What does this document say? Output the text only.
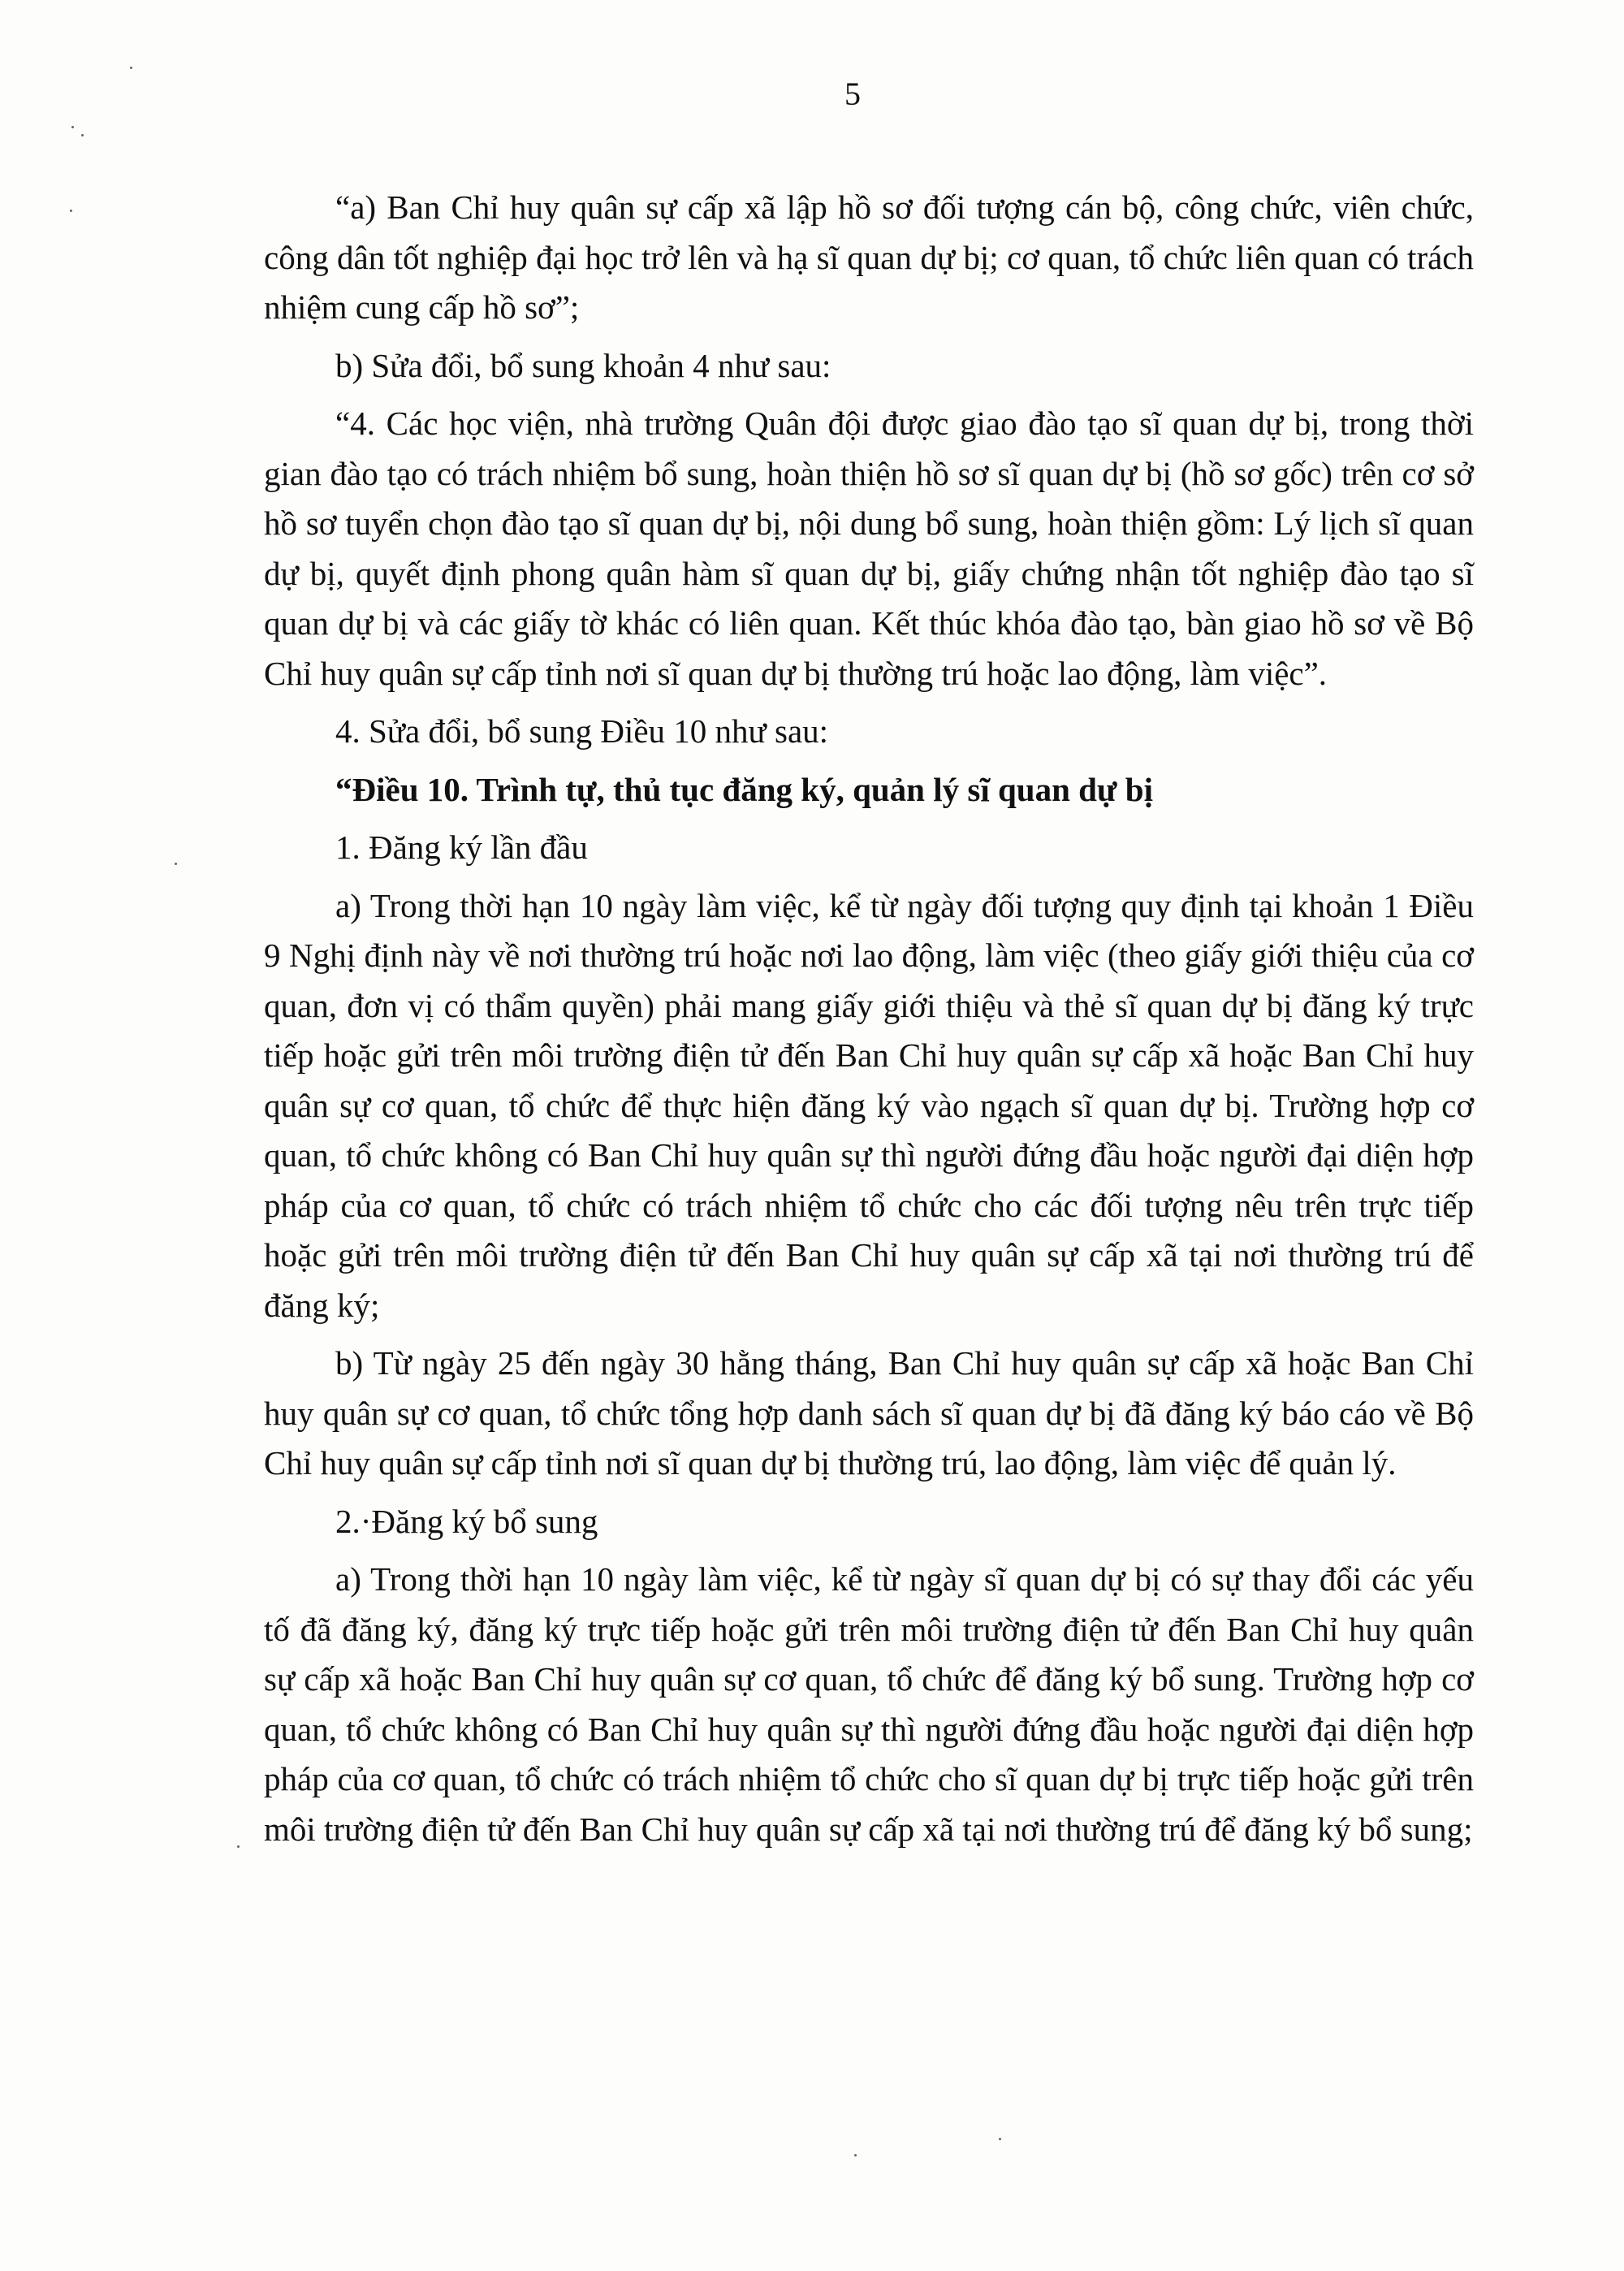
5

“a) Ban Chỉ huy quân sự cấp xã lập hồ sơ đối tượng cán bộ, công chức, viên chức, công dân tốt nghiệp đại học trở lên và hạ sĩ quan dự bị; cơ quan, tổ chức liên quan có trách nhiệm cung cấp hồ sơ”;

b) Sửa đổi, bổ sung khoản 4 như sau:

“4. Các học viện, nhà trường Quân đội được giao đào tạo sĩ quan dự bị, trong thời gian đào tạo có trách nhiệm bổ sung, hoàn thiện hồ sơ sĩ quan dự bị (hồ sơ gốc) trên cơ sở hồ sơ tuyển chọn đào tạo sĩ quan dự bị, nội dung bổ sung, hoàn thiện gồm: Lý lịch sĩ quan dự bị, quyết định phong quân hàm sĩ quan dự bị, giấy chứng nhận tốt nghiệp đào tạo sĩ quan dự bị và các giấy tờ khác có liên quan. Kết thúc khóa đào tạo, bàn giao hồ sơ về Bộ Chỉ huy quân sự cấp tỉnh nơi sĩ quan dự bị thường trú hoặc lao động, làm việc”.

4. Sửa đổi, bổ sung Điều 10 như sau:

“Điều 10. Trình tự, thủ tục đăng ký, quản lý sĩ quan dự bị

1. Đăng ký lần đầu

a) Trong thời hạn 10 ngày làm việc, kể từ ngày đối tượng quy định tại khoản 1 Điều 9 Nghị định này về nơi thường trú hoặc nơi lao động, làm việc (theo giấy giới thiệu của cơ quan, đơn vị có thẩm quyền) phải mang giấy giới thiệu và thẻ sĩ quan dự bị đăng ký trực tiếp hoặc gửi trên môi trường điện tử đến Ban Chỉ huy quân sự cấp xã hoặc Ban Chỉ huy quân sự cơ quan, tổ chức để thực hiện đăng ký vào ngạch sĩ quan dự bị. Trường hợp cơ quan, tổ chức không có Ban Chỉ huy quân sự thì người đứng đầu hoặc người đại diện hợp pháp của cơ quan, tổ chức có trách nhiệm tổ chức cho các đối tượng nêu trên trực tiếp hoặc gửi trên môi trường điện tử đến Ban Chỉ huy quân sự cấp xã tại nơi thường trú để đăng ký;

b) Từ ngày 25 đến ngày 30 hằng tháng, Ban Chỉ huy quân sự cấp xã hoặc Ban Chỉ huy quân sự cơ quan, tổ chức tổng hợp danh sách sĩ quan dự bị đã đăng ký báo cáo về Bộ Chỉ huy quân sự cấp tỉnh nơi sĩ quan dự bị thường trú, lao động, làm việc để quản lý.

2.·Đăng ký bổ sung

a) Trong thời hạn 10 ngày làm việc, kể từ ngày sĩ quan dự bị có sự thay đổi các yếu tố đã đăng ký, đăng ký trực tiếp hoặc gửi trên môi trường điện tử đến Ban Chỉ huy quân sự cấp xã hoặc Ban Chỉ huy quân sự cơ quan, tổ chức để đăng ký bổ sung. Trường hợp cơ quan, tổ chức không có Ban Chỉ huy quân sự thì người đứng đầu hoặc người đại diện hợp pháp của cơ quan, tổ chức có trách nhiệm tổ chức cho sĩ quan dự bị trực tiếp hoặc gửi trên môi trường điện tử đến Ban Chỉ huy quân sự cấp xã tại nơi thường trú để đăng ký bổ sung;
